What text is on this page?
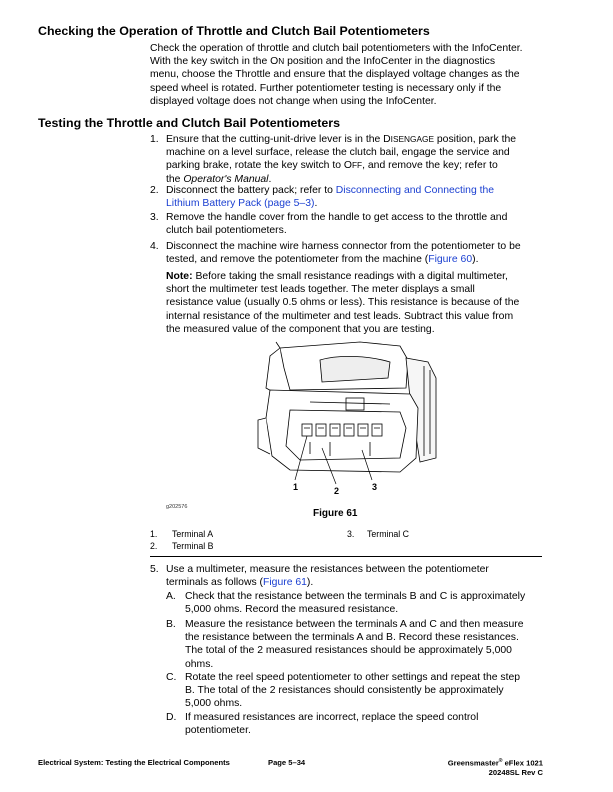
Checking the Operation of Throttle and Clutch Bail Potentiometers
Check the operation of throttle and clutch bail potentiometers with the InfoCenter.
With the key switch in the ON position and the InfoCenter in the diagnostics
menu, choose the Throttle and ensure that the displayed voltage changes as the
speed wheel is rotated. Further potentiometer testing is necessary only if the
displayed voltage does not change when using the InfoCenter.
Testing the Throttle and Clutch Bail Potentiometers
1. Ensure that the cutting-unit-drive lever is in the DISENGAGE position, park the
machine on a level surface, release the clutch bail, engage the service and
parking brake, rotate the key switch to OFF, and remove the key; refer to
the Operator's Manual.
2. Disconnect the battery pack; refer to Disconnecting and Connecting the
Lithium Battery Pack (page 5–3).
3. Remove the handle cover from the handle to get access to the throttle and
clutch bail potentiometers.
4. Disconnect the machine wire harness connector from the potentiometer to be
tested, and remove the potentiometer from the machine (Figure 60).
Note: Before taking the small resistance readings with a digital multimeter,
short the multimeter test leads together. The meter displays a small
resistance value (usually 0.5 ohms or less). This resistance is because of the
internal resistance of the multimeter and test leads. Subtract this value from
the measured value of the component that you are testing.
1	2	3
g202576
Figure 61
1. Terminal A
2. Terminal B
3. Terminal C
5. Use a multimeter, measure the resistances between the potentiometer
terminals as follows (Figure 61).
A. Check that the resistance between the terminals B and C is approximately
5,000 ohms. Record the measured resistance.
B. Measure the resistance between the terminals A and C and then measure
the resistance between the terminals A and B. Record these resistances.
The total of the 2 measured resistances should be approximately 5,000
ohms.
C. Rotate the reel speed potentiometer to other settings and repeat the step
B. The total of the 2 resistances should consistently be approximately
5,000 ohms.
D. If measured resistances are incorrect, replace the speed control
potentiometer.
Electrical System: Testing the Electrical Components	Page 5–34	Greensmaster® eFlex 1021
20248SL Rev C
